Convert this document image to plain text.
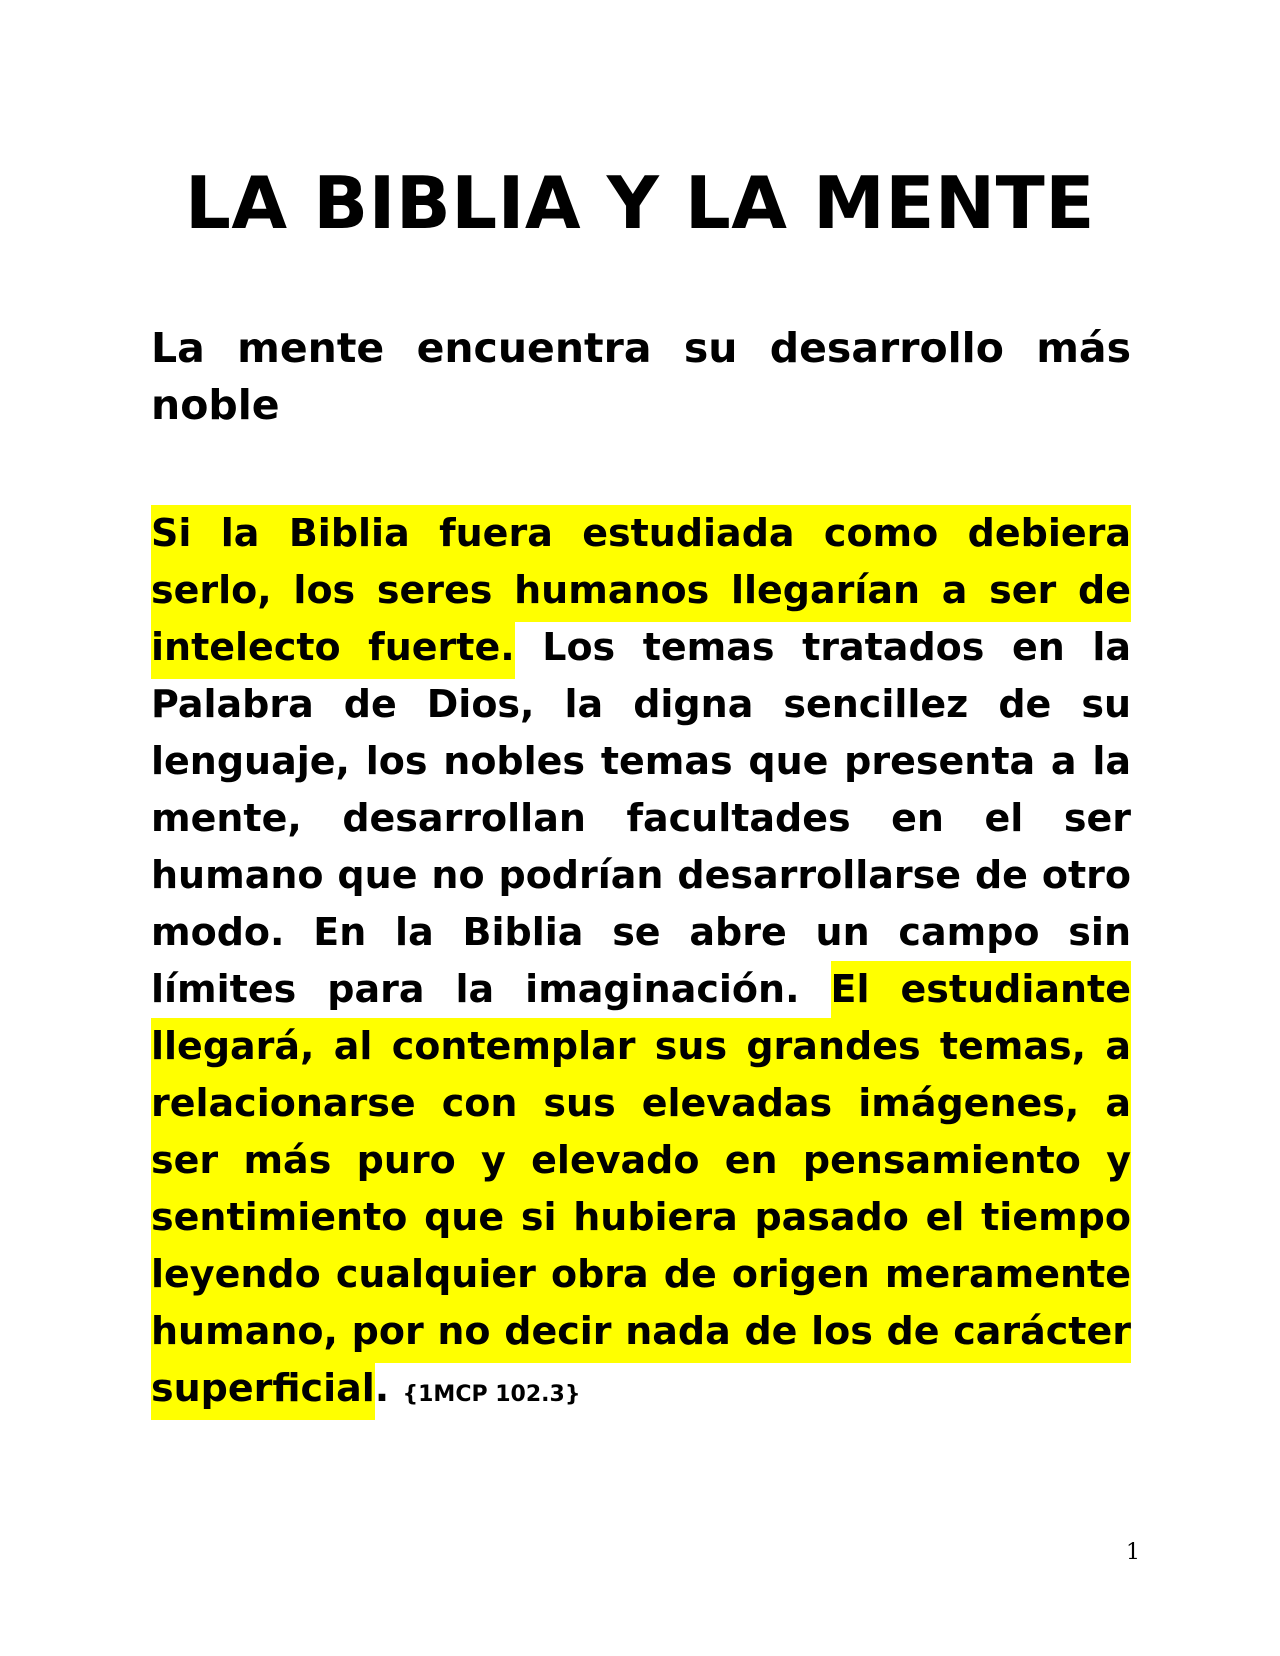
LA BIBLIA Y LA MENTE
La mente encuentra su desarrollo más noble

Si la Biblia fuera estudiada como debiera serlo, los seres humanos llegarían a ser de intelecto fuerte. Los temas tratados en la Palabra de Dios, la digna sencillez de su lenguaje, los nobles temas que presenta a la mente, desarrollan facultades en el ser humano que no podrían desarrollarse de otro modo. En la Biblia se abre un campo sin límites para la imaginación. El estudiante llegará, al contemplar sus grandes temas, a relacionarse con sus elevadas imágenes, a ser más puro y elevado en pensamiento y sentimiento que si hubiera pasado el tiempo leyendo cualquier obra de origen meramente humano, por no decir nada de los de carácter superficial. {1MCP 102.3}

1
